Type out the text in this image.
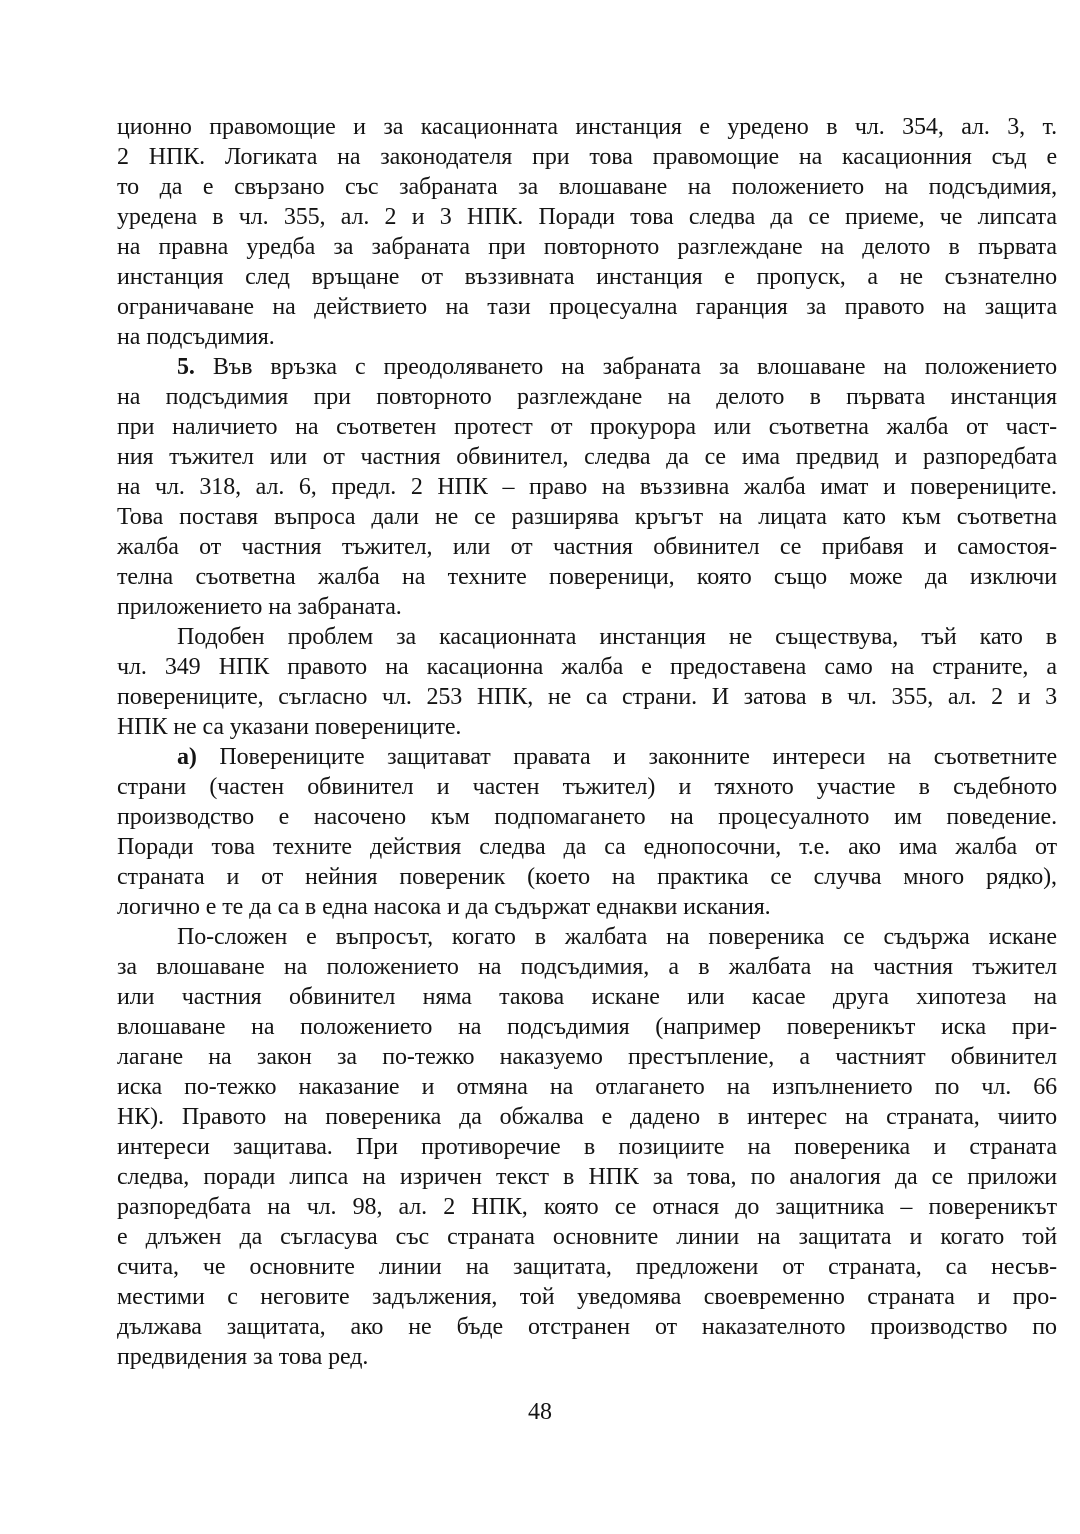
ционно правомощие и за касационната инстанция е уредено в чл. 354, ал. 3, т.
2 НПК. Логиката на законодателя при това правомощие на касационния съд е
то да е свързано със забраната за влошаване на положението на подсъдимия,
уредена в чл. 355, ал. 2 и 3 НПК. Поради това следва да се приеме, че липсата
на правна уредба за забраната при повторното разглеждане на делото в първата
инстанция след връщане от въззивната инстанция е пропуск, а не съзнателно
ограничаване на действието на тази процесуална гаранция за правото на защита
на подсъдимия.
5. Във връзка с преодоляването на забраната за влошаване на положението
на подсъдимия при повторното разглеждане на делото в първата инстанция
при наличието на съответен протест от прокурора или съответна жалба от част-
ния тъжител или от частния обвинител, следва да се има предвид и разпоредбата
на чл. 318, ал. 6, предл. 2 НПК – право на въззивна жалба имат и поверениците.
Това поставя въпроса дали не се разширява кръгът на лицата като към съответна
жалба от частния тъжител, или от частния обвинител се прибавя и самостоя-
телна съответна жалба на техните повереници, която също може да изключи
приложението на забраната.
Подобен проблем за касационната инстанция не съществува, тъй като в
чл. 349 НПК правото на касационна жалба е предоставена само на страните, а
поверениците, съгласно чл. 253 НПК, не са страни. И затова в чл. 355, ал. 2 и 3
НПК не са указани поверениците.
а) Поверениците защитават правата и законните интереси на съответните
страни (частен обвинител и частен тъжител) и тяхното участие в съдебното
производство е насочено към подпомагането на процесуалното им поведение.
Поради това техните действия следва да са еднопосочни, т.е. ако има жалба от
страната и от нейния повереник (което на практика се случва много рядко),
логично е те да са в една насока и да съдържат еднакви искания.
По-сложен е въпросът, когато в жалбата на повереника се съдържа искане
за влошаване на положението на подсъдимия, а в жалбата на частния тъжител
или частния обвинител няма такова искане или касае друга хипотеза на
влошаване на положението на подсъдимия (например повереникът иска при-
лагане на закон за по-тежко наказуемо престъпление, а частният обвинител
иска по-тежко наказание и отмяна на отлагането на изпълнението по чл. 66
НК). Правото на повереника да обжалва е дадено в интерес на страната, чиито
интереси защитава. При противоречие в позициите на повереника и страната
следва, поради липса на изричен текст в НПК за това, по аналогия да се приложи
разпоредбата на чл. 98, ал. 2 НПК, която се отнася до защитника – повереникът
е длъжен да съгласува със страната основните линии на защитата и когато той
счита, че основните линии на защитата, предложени от страната, са несъв-
местими с неговите задължения, той уведомява своевременно страната и про-
дължава защитата, ако не бъде отстранен от наказателното производство по
предвидения за това ред.
48
